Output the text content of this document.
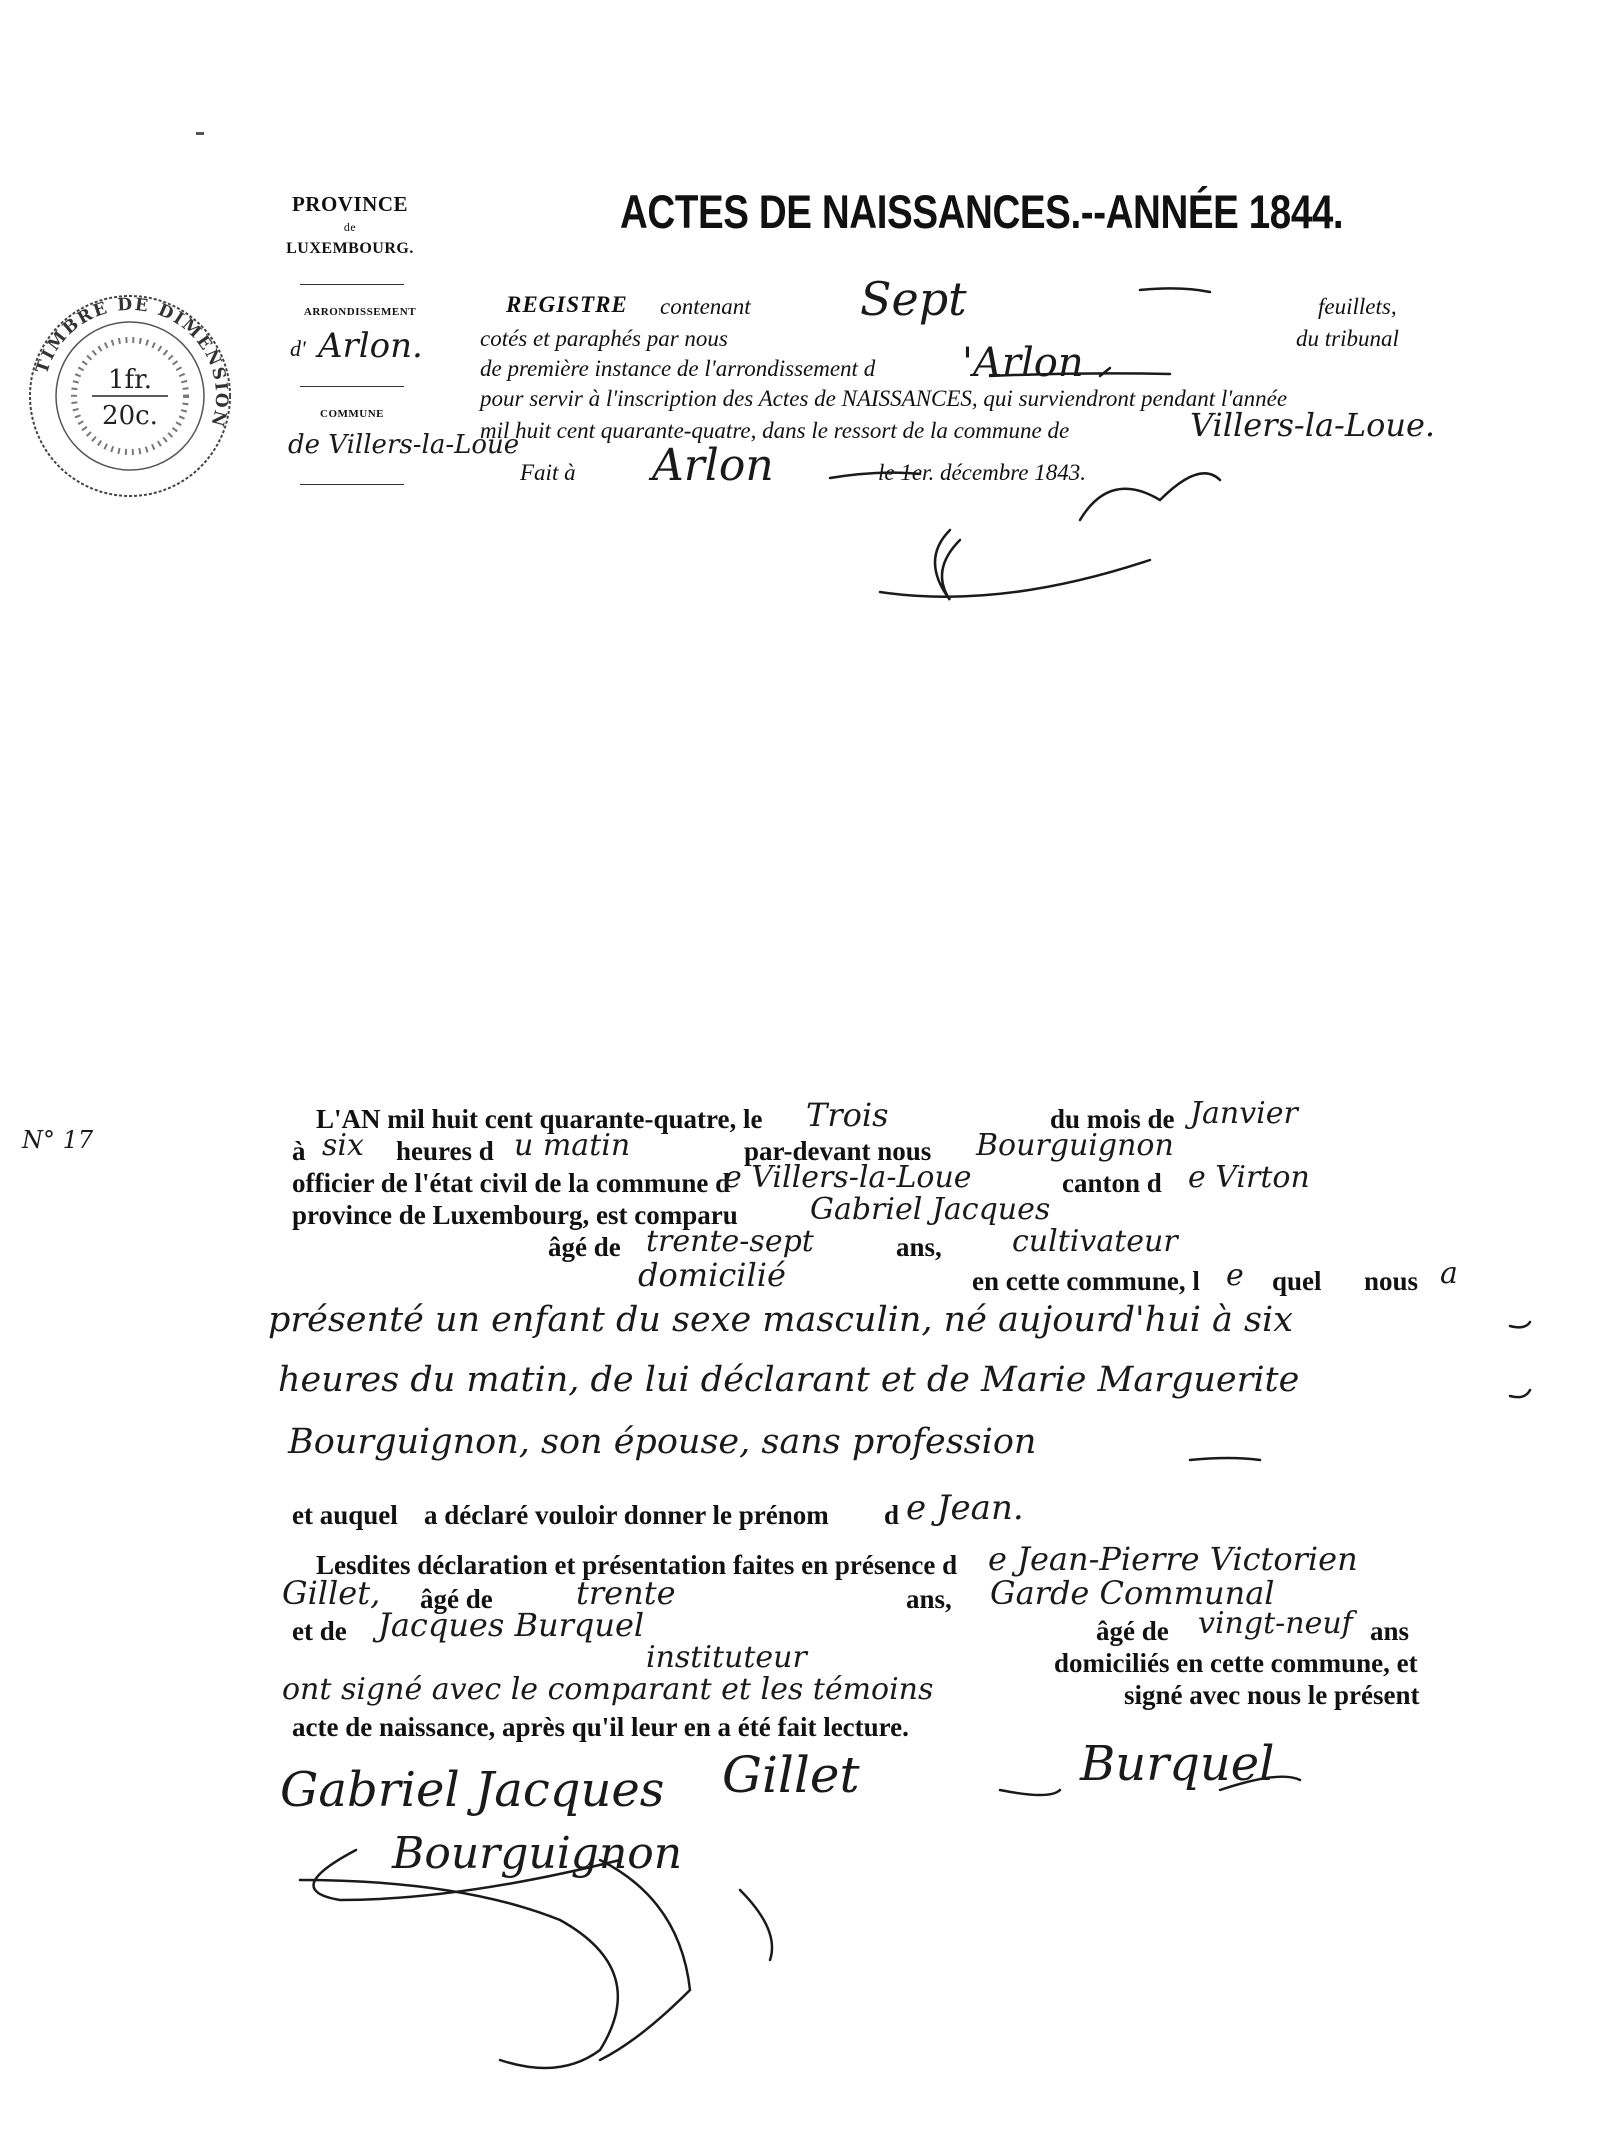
PROVINCE
de
LUXEMBOURG.
ARRONDISSEMENT
d' Arlon.
COMMUNE
de Villers-la-Loue
TIMBRE DE DIMENSION
1fr.
20c.
ACTES DE NAISSANCES.--ANNÉE 1844.
REGISTRE contenant Sept	feuillets,
cotés et paraphés par nous	du tribunal
de première instance de l'arrondissement d 'Arlon
pour servir à l'inscription des Actes de NAISSANCES, qui surviendront pendant l'année
mil huit cent quarante-quatre, dans le ressort de la commune de	Villers-la-Loue.
Fait à Arlon	le 1er. décembre 1843.
N° 17
L'AN mil huit cent quarante-quatre, le Trois	du mois de Janvier
à six heures d u matin	par-devant nous Bourguignon
officier de l'état civil de la commune d
e Villers-la-Loue	canton d e Virton
province de Luxembourg, est comparu Gabriel Jacques
âgé de trente-sept	ans, cultivateur
domicilié	en cette commune, l e quel nous a
présenté un enfant du sexe masculin, né aujourd'hui à six
heures du matin, de lui déclarant et de Marie Marguerite
Bourguignon, son épouse, sans profession
et auquel a déclaré vouloir donner le prénom d e Jean.
Lesdites déclaration et présentation faites en présence d e Jean-Pierre Victorien
Gillet, âgé de	trente	ans, Garde Communal
et de Jacques Burquel	âgé de vingt-neuf ans
instituteur	domiciliés en cette commune, et
ont signé avec le comparant et les témoins	signé avec nous le présent
acte de naissance, après qu'il leur en a été fait lecture.
Gabriel Jacques Gillet	Burquel
Bourguignon
